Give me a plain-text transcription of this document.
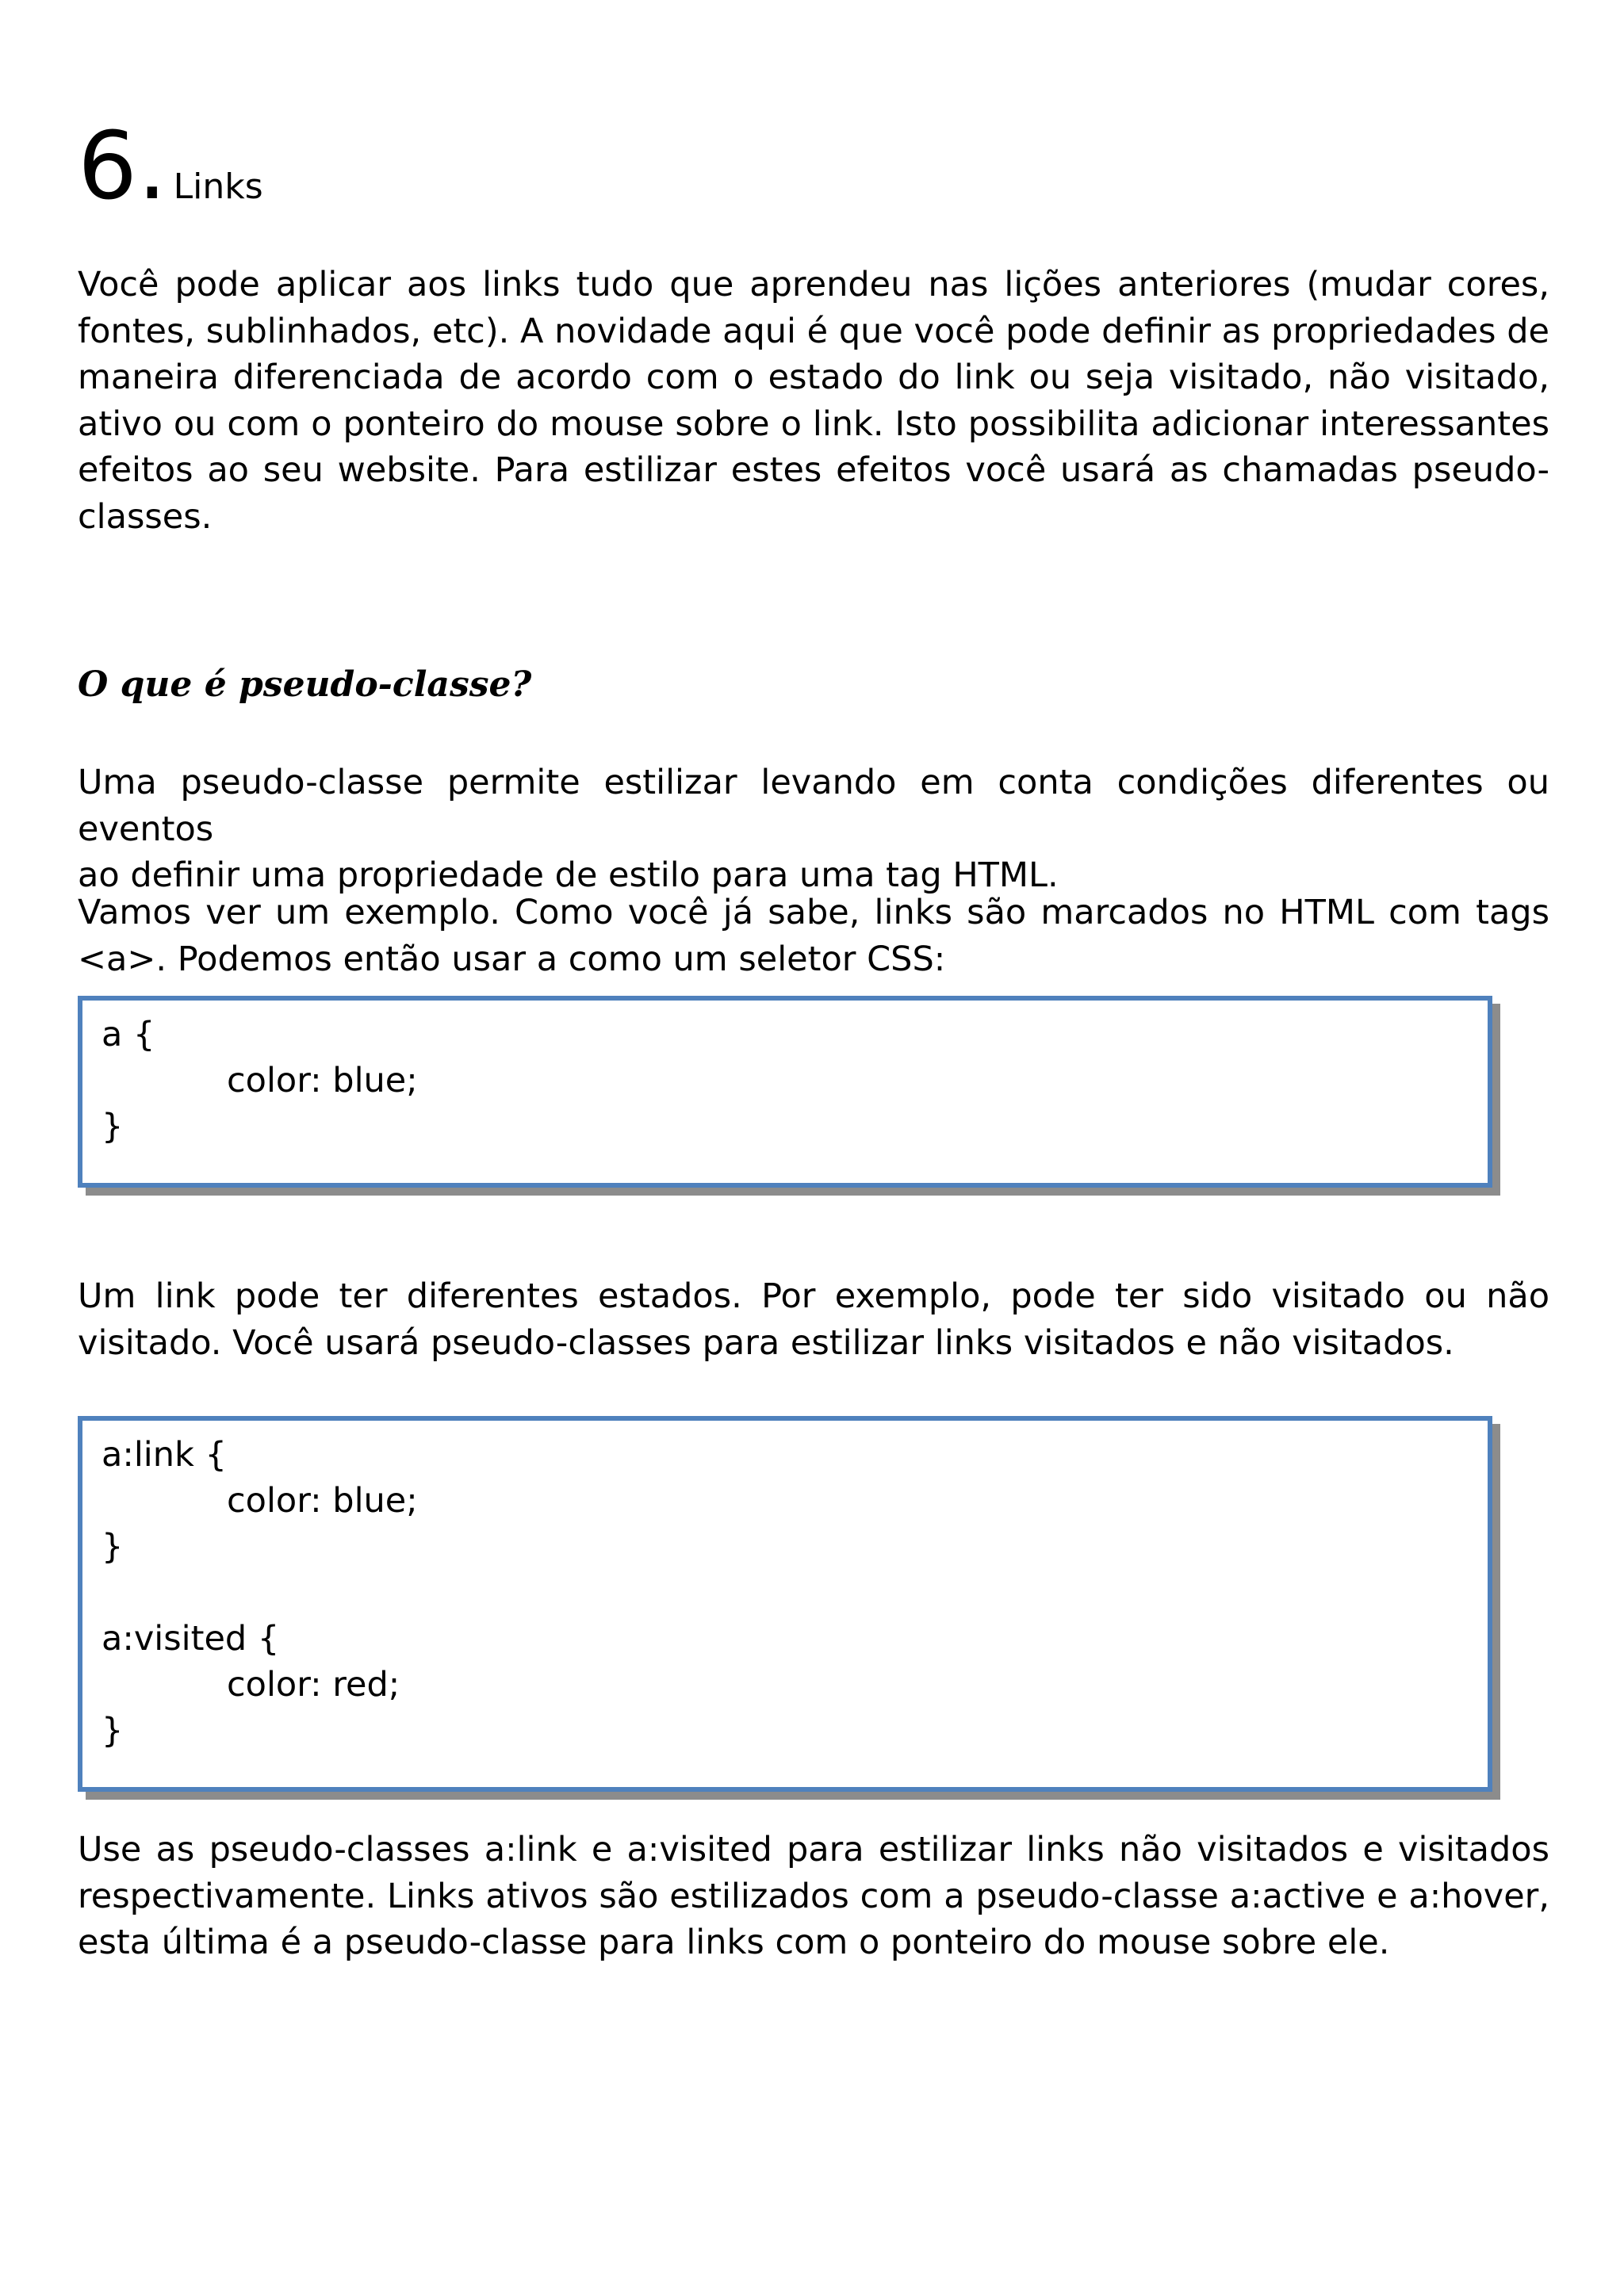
6. Links

Você pode aplicar aos links tudo que aprendeu nas lições anteriores (mudar cores,
fontes, sublinhados, etc). A novidade aqui é que você pode definir as propriedades de
maneira diferenciada de acordo com o estado do link ou seja visitado, não visitado,
ativo ou com o ponteiro do mouse sobre o link. Isto possibilita adicionar interessantes
efeitos ao seu website. Para estilizar estes efeitos você usará as chamadas pseudo-
classes.

O que é pseudo-classe?

Uma pseudo-classe permite estilizar levando em conta condições diferentes ou eventos
ao definir uma propriedade de estilo para uma tag HTML.

Vamos ver um exemplo. Como você já sabe, links são marcados no HTML com tags
<a>. Podemos então usar a como um seletor CSS:

a {
color: blue;
}

Um link pode ter diferentes estados. Por exemplo, pode ter sido visitado ou não
visitado. Você usará pseudo-classes para estilizar links visitados e não visitados.

a:link {
color: blue;
}
a:visited {
color: red;
}

Use as pseudo-classes a:link e a:visited para estilizar links não visitados e visitados
respectivamente. Links ativos são estilizados com a pseudo-classe a:active e a:hover,
esta última é a pseudo-classe para links com o ponteiro do mouse sobre ele.
